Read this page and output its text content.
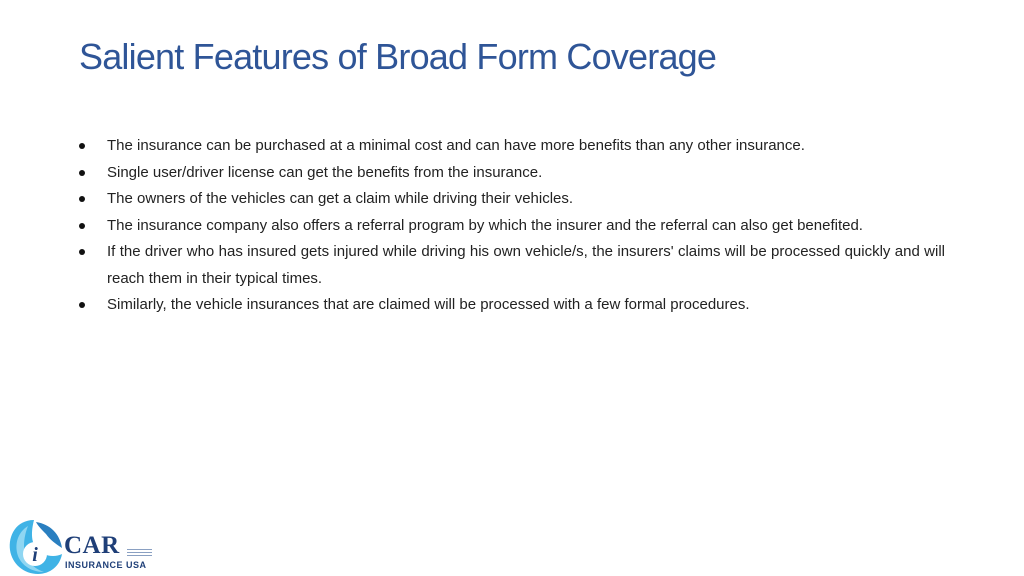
Salient Features of Broad Form Coverage
The insurance can be purchased at a minimal cost and can have more benefits than any other insurance.
Single user/driver license can get the benefits from the insurance.
The owners of the vehicles can get a claim while driving their vehicles.
The insurance company also offers a referral program by which the insurer and the referral can also get benefited.
If the driver who has insured gets injured while driving his own vehicle/s, the insurers' claims will be processed quickly and will reach them in their typical times.
Similarly, the vehicle insurances that are claimed will be processed with a few formal procedures.
i CAR
INSURANCE USA
